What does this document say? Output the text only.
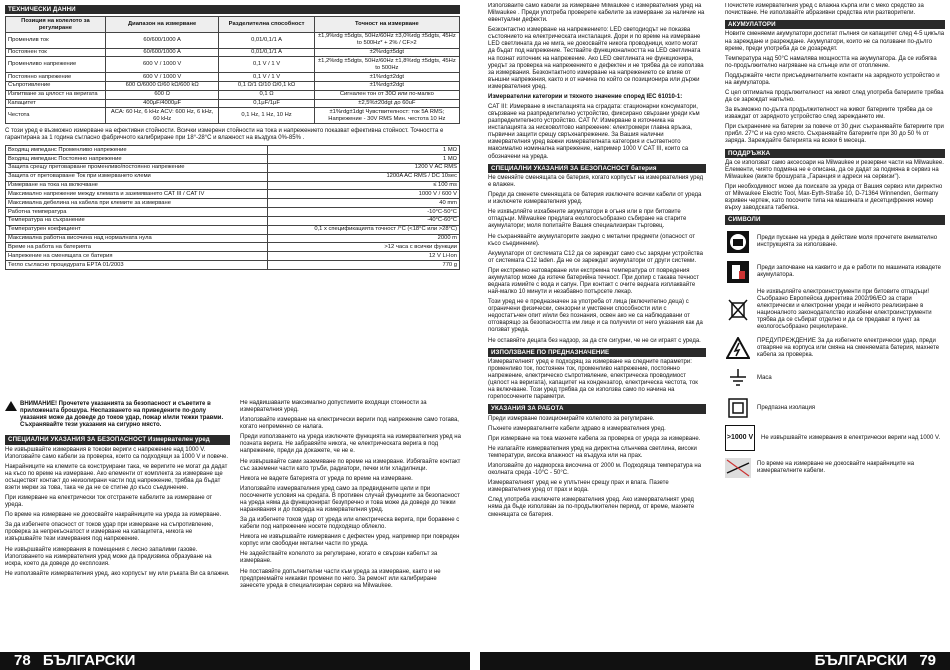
ТЕХНИЧЕСКИ ДАННИ
Позиция на колелото за регулиране	Диапазон на измерване	Разделителна способност	Точност на измерване
Променлив ток	60/600/1000 A	0,01/0,1/1 A	±1,9%rdg ±5dgts, 50Hz/60Hz ±3,0%rdg ±5dgts, 45Hz to 500Hz* + 2% / CF>2
Постоянен ток	60/600/1000 A	0,01/0,1/1 A	±2%rdg±5dgt
Променливо напрежение	600 V / 1000 V	0,1 V / 1 V	±1,2%rdg ±5dgts, 50Hz/60Hz ±1,8%rdg ±5dgts, 45Hz to 500Hz
Постоянно напрежение	600 V / 1000 V	0,1 V / 1 V	±1%rdg±2dgt
Съпротивление	600 Ω/6000 Ω/60 kΩ/600 kΩ	0,1 Ω/1 Ω/10 Ω/0,1 kΩ	±1%rdg±2dgt
Изпитване за цялост на веригата	600 Ω	0,1 Ω	Сигнален тон от 30Ω или по-малко
Капацитет	400μF/4000μF	0,1μF/1μF	±2,5%±20dgt до 60uF
Честота	ACA: 60 Hz, 6 kHz ACV: 600 Hz, 6 kHz, 60 kHz	0,1 Hz, 1 Hz, 10 Hz	±1%rdg±1dgt Чувствителност: ток 5A RMS; Напрежение - 30V RMS Мин. честота 10 Hz

С този уред е възможно измерване на ефективни стойности. Всички измерени стойности на тока и напрежението показват ефективна стойност. Точността е гарантирана за 1 година съгласно фабричното калибриране при 18°-28°C и влажност на въздуха 0%-85% .

Входящ импеданс Променливо напрежение	1 MΩ
Входящ импеданс Постоянно напрежение	1 MΩ
Защита срещу претоварване променливо/постоянно напрежение	1200 V AC RMS
Защита от претоварване Ток при измерването клеми	1200A AC RMS / DC 10sec
Измерване на тока на включване	≤ 100 ms
Максимално напрежение между клемата и заземяването CAT III / CAT IV	1000 V / 600 V
Максимална дебелина на кабела при клемите за измерване	40 mm
Работна температура	-10°C-50°C
Температура на съхранение	-40°C-60°C
Температурен коефициент	0,1 x спецификацията точност /°C (<18°C или >28°C)
Максимална работна височина над нормалната нула	2000 m
Време на работа на батерията	>12 часа с всички функции
Напрежение на сменящата се батерия	12 V Li-Ion
Тегло съгласно процедурата EPTA 01/2003	770 g

ВНИМАНИЕ! Прочетете указанията за безопасност и съветите в приложената брошура. Неспазването на приведените по-долу указания може да доведе до токов удар, пожар и/или тежки травми. Съхранявайте тези указания на сигурно място.

СПЕЦИАЛНИ УКАЗАНИЯ ЗА БЕЗОПАСНОСТ Измервателен уред

Не извършвайте измервания в токови вериги с напрежение над 1000 V. Използвайте само кабели за проверка, които са подходящи за 1000 V и повече.

Накрайниците на клемите са конструирани така, че веригите не могат да дадат на късо по време на измерване. Ако елементи от комплекта за измерване ще осъществят контакт до неизолирани части под напрежение, трябва да бъдат взети мерки за това, така че да не се стигне до късо съединение.

При измерване на електрически ток отстранете кабелите за измерване от уреда.

По време на измерване не докосвайте накрайниците на уреда за измерване.

За да избегнете опасност от токов удар при измерване на съпротивление, проверка за непрекъснатост и измерване на капацитета, никога не извършвайте тези измервания под напрежение.

Не извършвайте измервания в помещения с лесно запалими газове. Използването на измервателния уред може да предизвика образуване на искра, което да доведе до експлозия.

Не използвайте измервателния уред, ако корпусът му или ръката Ви са влажни.

Не надвишавайте максимално допустимите входящи стойности за измервателния уред.

Използвайте измерване на електрически вериги под напрежение само тогава, когато непременно се налага.

Преди използването на уреда изключете функцията на измервателния уред на позната верига. Не забравяйте никога, че електрическата верига в под напрежение, преди да докажете, че не е.

Не извършвайте сами заземяване по време на измерване. Избягвайте контакт със заземени части като тръби, радиатори, печки или хладилници.

Никога не вадете батерията от уреда по време на измерване.

Използвайте измервателния уред само за предвидените цели и при посочените условия на средата. В противен случай функциите за безопасност на уреда няма да функционират безупречно и това може да доведе до тежки наранявания и до повреда на измервателния уред.

За да избегнете токов удар от уреда или електрическа верига, при боравене с кабели под напрежение носете подходящо облекло.

Никога не извършвайте измервания с дефектен уред, например при повреден корпус или свободни метални части по уреда.

Не задействайте колелото за регулиране, когато е свързан кабелът за измерване.

Не поставяйте допълнителни части към уреда за измерване, както и не предприемайте никакви промени по него. За ремонт или калибриране занесете уреда в специализиран сервиз на Milwaukee.

78 БЪЛГАРСКИ

Използвайте само кабели за измерване Milwaukee с измервателния уред на Milwaukee . Преди употреба проверете кабелите за измерване за наличие на евентуални дефекти.

Безконтактно измерване на напрежението: LED светодиодът не показва състоянието на електрическата инсталация. Дори и по време на измерване LED светлината да не мига, не докосвайте никога проводници, които могат да бъдат под напрежение. Тествайте функционалността на LED светлината на познат източник на напрежение. Ако LED светлината не функционира, уредът за проверка на напрежението е дефектен и не трябва да се използва за измервания. Безконтактното измерване на напрежението се влияе от външни напрежения, както и от начина по който се позиционира или държи измервателния уред.

Измервателни категории и тяхното значение според IEC 61010-1:

CAT III: Измерване в инсталацията на сградата: стационарни консуматори, свързване на разпределително устройство, фиксирано свързани уреди към разпределителното устройство. CAT IV: Измерване в източника на инсталацията за нисковолтово напрежение: електромери главна връзка, първични защити срещу свръхнапрежение. За Вашия налични измервателния уред важни измервателната категория и съответното максимално номинална напрежение, например 1000 V CAT III, които са обозначени на уреда.

СПЕЦИАЛНИ УКАЗАНИЯ ЗА БЕЗОПАСНОСТ батерия

Не сменяйте сменящата се батерия, когато корпусът на измервателния уред е влажен.

Преди да сменете сменящата се батерия изключете всички кабели от уреда и изключете измервателния уред.

Не изхвърляйте изхабените акумулатори в огъня или в при битовите отпадъци. Milwaukee предлага екологосъобразно събиране на старите акумулатори; моля попитайте Вашия специализиран търговец.

Не съхранявайте акумулаторите заедно с метални предмети (опасност от късо съединение).

Акумулатори от системата C12 да се зареждат само със зарядни устройства от системата C12 laden. Да не се зареждат акумулатори от други системи.

При екстремно натоварване или екстремна температура от повредения акумулатор може да изтече батерийна течност. При допир с такава течност веднага измийте с вода и сапун. При контакт с очите веднага изплаквайте най-малко 10 минути и незабавно потърсете лекар.

Този уред не е предназначен за употреба от лица (включително деца) с ограничени физически, сензорни и умствени способности или с недостатъчен опит и/или без познания, освен ако не са наблюдавани от отговарящо за безопасността им лице и са получили от него указания как да ползват уреда.

Не оставяйте децата без надзор, за да сте сигурни, че не си играят с уреда.

ИЗПОЛЗВАНЕ ПО ПРЕДНАЗНАЧЕНИЕ

Измервателният уред е подходящ за измерване на следните параметри: променливо ток, постоянен ток, променливо напрежение, постоянно напрежение, електрическо съпротивление, електрическа проводимост (цялост на веригата), капацитет на кондензатор, електрическа честота, ток на включване. Този уред трябва да се използва само по начина на горепосочените параметри.

УКАЗАНИЯ ЗА РАБОТА

Преди измерване позиционирайте колелото за регулиране.

Пъхнете измервателните кабели здраво в измервателния уред.

При измерване на тока махнете кабела за проверка от уреда за измерване.

Не излагайте измервателния уред на директна слънчева светлина, високи температури, висока влажност на въздуха или на прах.

Използвайте до надморска височина от 2000 м. Подходяща температура на околната среда -10°C - 50°C.

Измервателният уред не е уплътнен срещу прах и влага. Пазете измервателния уред от прах и вода.

След употреба изключете измервателния уред. Ако измервателният уред няма да бъде използван за по-продължителен период, от време, махнете сменящата се батерия.

Почистете измервателния уред с влажна кърпа или с меко средство за почистване. Не използвайте абразивни средства или разтворители.

АКУМУЛАТОРИ

Новите сменяеми акумулатори достигат пълния си капацитет след 4-5 цикъла на зареждане и разреждане. Акумулатори, които не са ползвани по-дълго време, преди употреба да се дозаредят.

Температура над 50°C намалява мощността на акумулатора. Да се избягва по-продължително нагряване на слънце или от отопление.

Поддържайте чисти присъединителните контакти на зарядното устройство и на акумулатора.

С цел оптимална продължителност на живот след употреба батериите трябва да се зареждат напълно.

За възможно по-дълга продължителност на живот батериите трябва да се изваждат от зарядното устройство след зареждането им.

При съхранение на батерии за повече от 30 дни: съхранявайте батериите при прибл. 27°C и на сухо място. Съхранявайте батериите при 30 до 50 % от заряда. Зареждайте батерията на всеки 6 месеца.

ПОДДРЪЖКА

Да се използват само аксесоари на Milwaukee и резервни части на Milwaukee. Елементи, чиято подмяна не е описана, да се дадат за подмяна в сервиз на Milwaukee (вижте брошурата „Гаранция и адреси на сервизи").

При необходимост може да поискате за уреда от Вашия сервиз или директно от Milwaukee Electric Tool, Max-Eyth-Straße 10, D-71364 Winnenden, Germany взривен чертеж, като посочите типа на машината и десетцифрения номер върху заводската табелка.

СИМВОЛИ
Преди пускане на уреда в действие моля прочетете внимателно инструкцията за използване.
Преди започване на каквито и да е работи по машината извадете акумулатора.
Не изхвърляйте електроинструменти при битовите отпадъци! Съобразно Европейска директива 2002/96/ЕО за стари електрически и електронни уреди и нейното реализиране в националното законодателство изхабени електроинструменти трябва да се събират отделно и да се предават в пункт за екологосъобразно рециклиране.
ПРЕДУПРЕЖДЕНИЕ За да избегнете електрически удар, преди отваряне на корпуса или смяна на сменяемата батерия, махнете кабела за проверка.
Маса
Предпазна изолация
>1000 V Не извършвайте измервания в електрически вериги над 1000 V.
По време на измерване не докосвайте накрайниците на измервателните кабели.
БЪЛГАРСКИ 79
